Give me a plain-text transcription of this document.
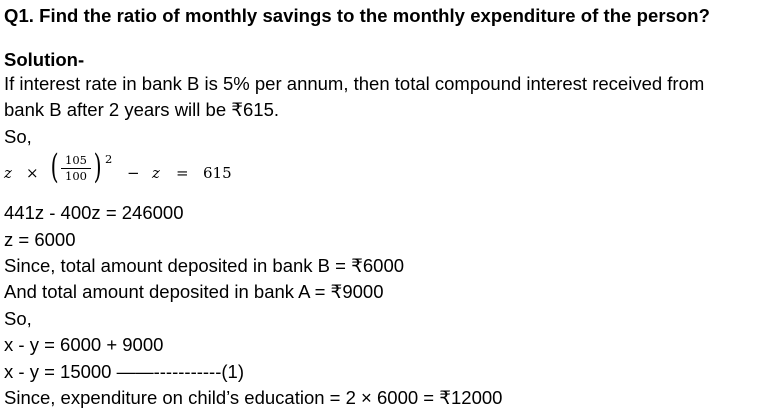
Q1. Find the ratio of monthly savings to the monthly expenditure of the person?
Solution-
If interest rate in bank B is 5% per annum, then total compound interest received from
bank B after 2 years will be ₹615.
So,
z × ( 105
100 ) 2
− z = 615
441z - 400z = 246000
z = 6000
Since, total amount deposited in bank B = ₹6000
And total amount deposited in bank A = ₹9000
So,
x - y = 6000 + 9000
x - y = 15000 ——-----------(1)
Since, expenditure on child’s education = 2 × 6000 = ₹12000
